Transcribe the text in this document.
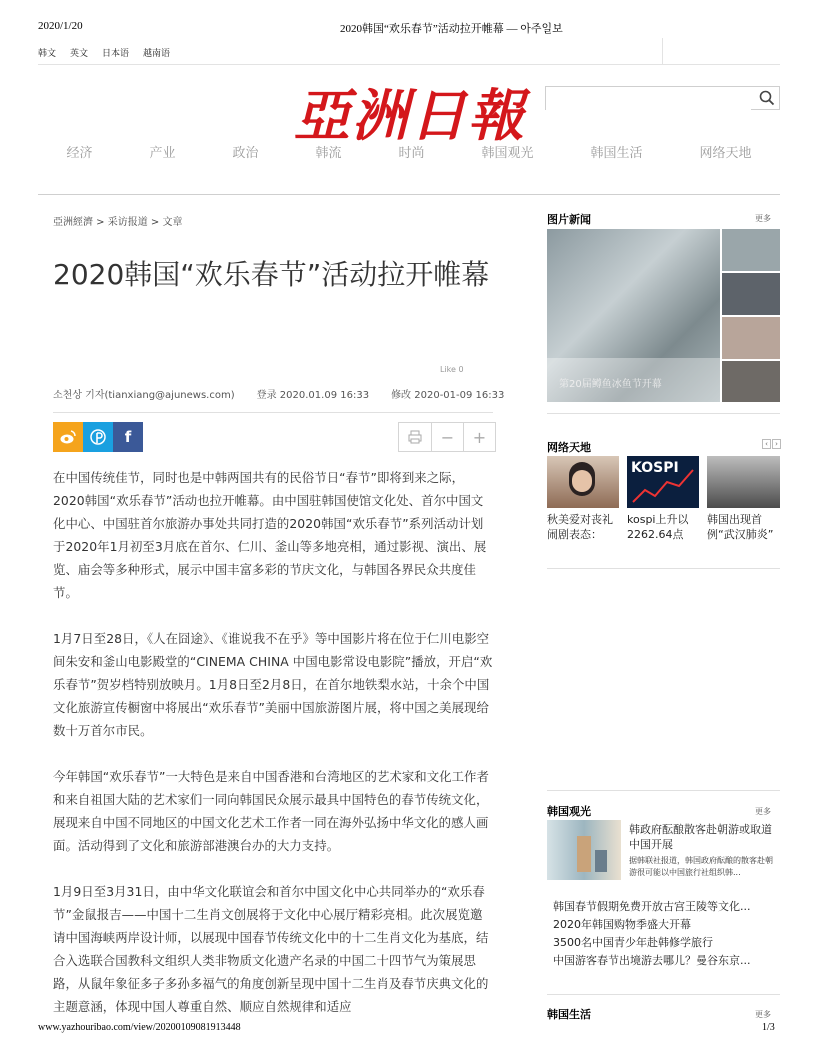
2020/1/20	2020韩国“欢乐春节”活动拉开帷幕 — 아주일보
韩文 英文 日本语 越南语
亞洲日報
经济	产业	政治	韩流	时尚	韩国观光	韩国生活	网络天地
亞洲經濟 > 采访报道 > 文章
2020韩国“欢乐春节”活动拉开帷幕
Like 0
소천상 기자(tianxiang@ajunews.com) 登录 2020.01.09 16:33 修改 2020-01-09 16:33
f	−	+

在中国传统佳节，同时也是中韩两国共有的民俗节日“春节”即将到来之际，2020韩国“欢乐春节”活动也拉开帷幕。由中国驻韩国使馆文化处、首尔中国文化中心、中国驻首尔旅游办事处共同打造的2020韩国“欢乐春节”系列活动计划于2020年1月初至3月底在首尔、仁川、釜山等多地亮相，通过影视、演出、展览、庙会等多种形式，展示中国丰富多彩的节庆文化，与韩国各界民众共度佳节。

1月7日至28日，《人在囧途》、《谁说我不在乎》等中国影片将在位于仁川电影空间朱安和釜山电影殿堂的“CINEMA CHINA 中国电影常设电影院”播放，开启“欢乐春节”贺岁档特别放映月。1月8日至2月8日，在首尔地铁梨水站，十余个中国文化旅游宣传橱窗中将展出“欢乐春节”美丽中国旅游图片展，将中国之美展现给数十万首尔市民。

今年韩国“欢乐春节”一大特色是来自中国香港和台湾地区的艺术家和文化工作者和来自祖国大陆的艺术家们一同向韩国民众展示最具中国特色的春节传统文化，展现来自中国不同地区的中国文化艺术工作者一同在海外弘扬中华文化的感人画面。活动得到了文化和旅游部港澳台办的大力支持。

1月9日至3月31日，由中华文化联谊会和首尔中国文化中心共同举办的“欢乐春节”金鼠报吉——中国十二生肖文创展将于文化中心展厅精彩亮相。此次展览邀请中国海峡两岸设计师，以展现中国春节传统文化中的十二生肖文化为基底，结合入选联合国教科文组织人类非物质文化遗产名录的中国二十四节气为策展思路，从鼠年象征多子多孙多福气的角度创新呈现中国十二生肖及春节庆典文化的主题意涵，体现中国人尊重自然、顺应自然规律和适应

图片新闻	更多
第20届鳟鱼冰鱼节开幕
网络天地	‹	›
KOSPI
秋美爱对丧礼闹剧表态：
kospi上升以2262.64点
韩国出现首例“武汉肺炎”
韩国观光	更多
韩政府酝酿散客赴朝游或取道中国开展
据韩联社报道，韩国政府酝酿的散客赴朝游很可能以中国旅行社组织韩...
韩国春节假期免费开放古宫王陵等文化...
2020年韩国购物季盛大开幕
3500名中国青少年赴韩修学旅行
中国游客春节出境游去哪儿？曼谷东京...
韩国生活	更多
www.yazhouribao.com/view/20200109081913448	1/3
